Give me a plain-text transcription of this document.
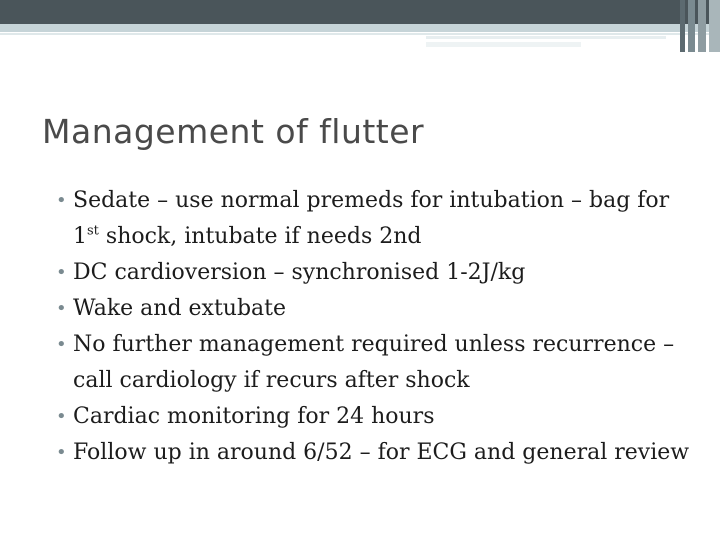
Management of flutter
• Sedate – use normal premeds for intubation – bag for 1st shock, intubate if needs 2nd
• DC cardioversion – synchronised 1-2J/kg
• Wake and extubate
• No further management required unless recurrence – call cardiology if recurs after shock
• Cardiac monitoring for 24 hours
• Follow up in around 6/52 – for ECG and general review
